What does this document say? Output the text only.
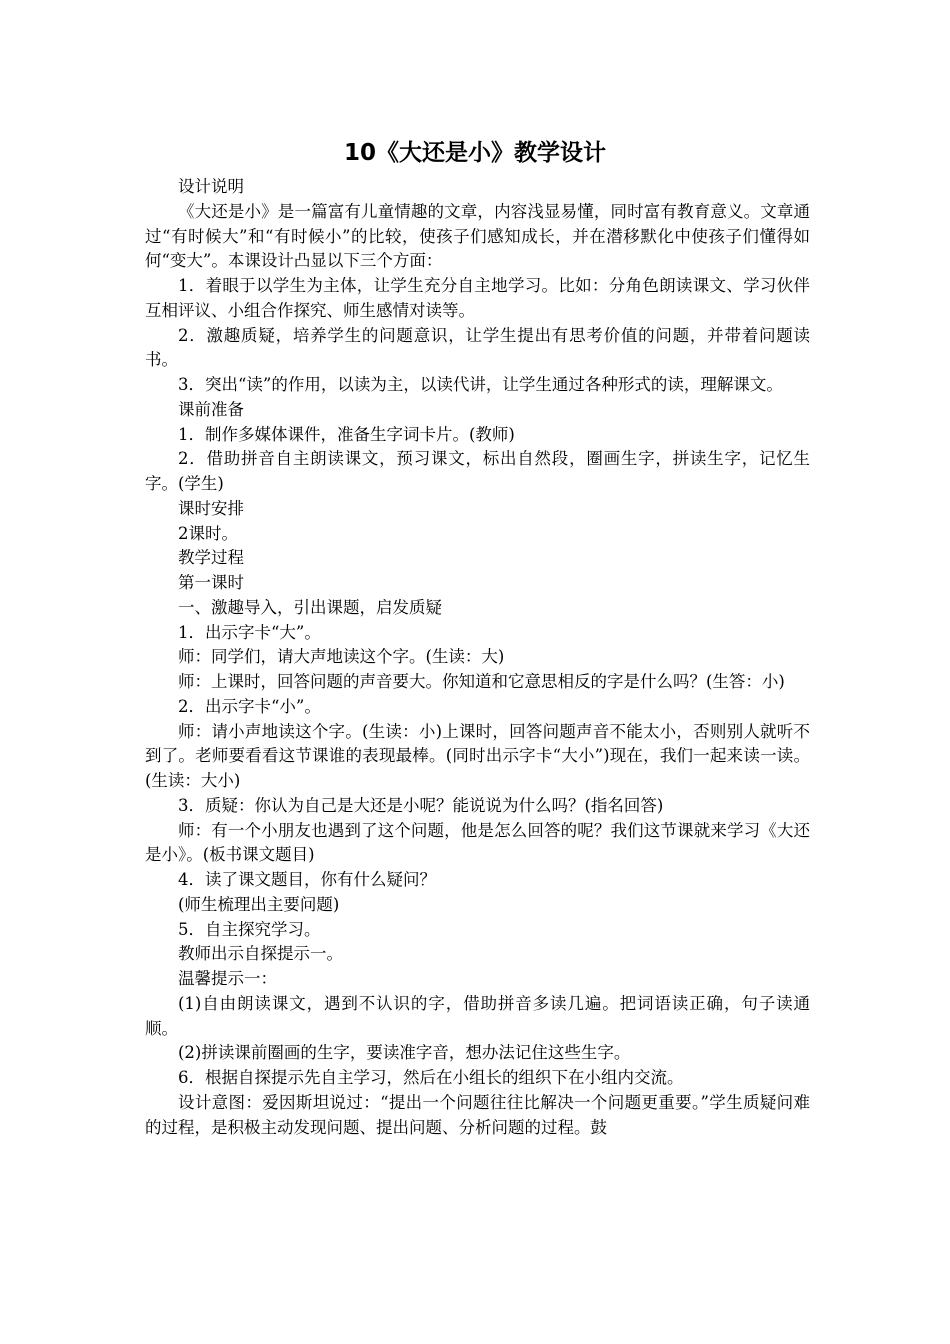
10《大还是小》教学设计

设计说明

《大还是小》是一篇富有儿童情趣的文章，内容浅显易懂，同时富有教育意义。文章通过“有时候大”和“有时候小”的比较，使孩子们感知成长，并在潜移默化中使孩子们懂得如何“变大”。本课设计凸显以下三个方面：

1．着眼于以学生为主体，让学生充分自主地学习。比如：分角色朗读课文、学习伙伴互相评议、小组合作探究、师生感情对读等。

2．激趣质疑，培养学生的问题意识，让学生提出有思考价值的问题，并带着问题读书。

3．突出“读”的作用，以读为主，以读代讲，让学生通过各种形式的读，理解课文。

课前准备

1．制作多媒体课件，准备生字词卡片。(教师)

2．借助拼音自主朗读课文，预习课文，标出自然段，圈画生字，拼读生字，记忆生字。(学生)

课时安排

2课时。

教学过程

第一课时

一、激趣导入，引出课题，启发质疑

1．出示字卡“大”。

师：同学们，请大声地读这个字。(生读：大)

师：上课时，回答问题的声音要大。你知道和它意思相反的字是什么吗？(生答：小)

2．出示字卡“小”。

师：请小声地读这个字。(生读：小)上课时，回答问题声音不能太小，否则别人就听不到了。老师要看看这节课谁的表现最棒。(同时出示字卡“大小”)现在，我们一起来读一读。(生读：大小)

3．质疑：你认为自己是大还是小呢？能说说为什么吗？(指名回答)

师：有一个小朋友也遇到了这个问题，他是怎么回答的呢？我们这节课就来学习《大还是小》。(板书课文题目)

4．读了课文题目，你有什么疑问？

(师生梳理出主要问题)

5．自主探究学习。

教师出示自探提示一。

温馨提示一：

(1)自由朗读课文，遇到不认识的字，借助拼音多读几遍。把词语读正确，句子读通顺。

(2)拼读课前圈画的生字，要读准字音，想办法记住这些生字。

6．根据自探提示先自主学习，然后在小组长的组织下在小组内交流。

设计意图：爱因斯坦说过：“提出一个问题往往比解决一个问题更重要。”学生质疑问难的过程，是积极主动发现问题、提出问题、分析问题的过程。鼓
